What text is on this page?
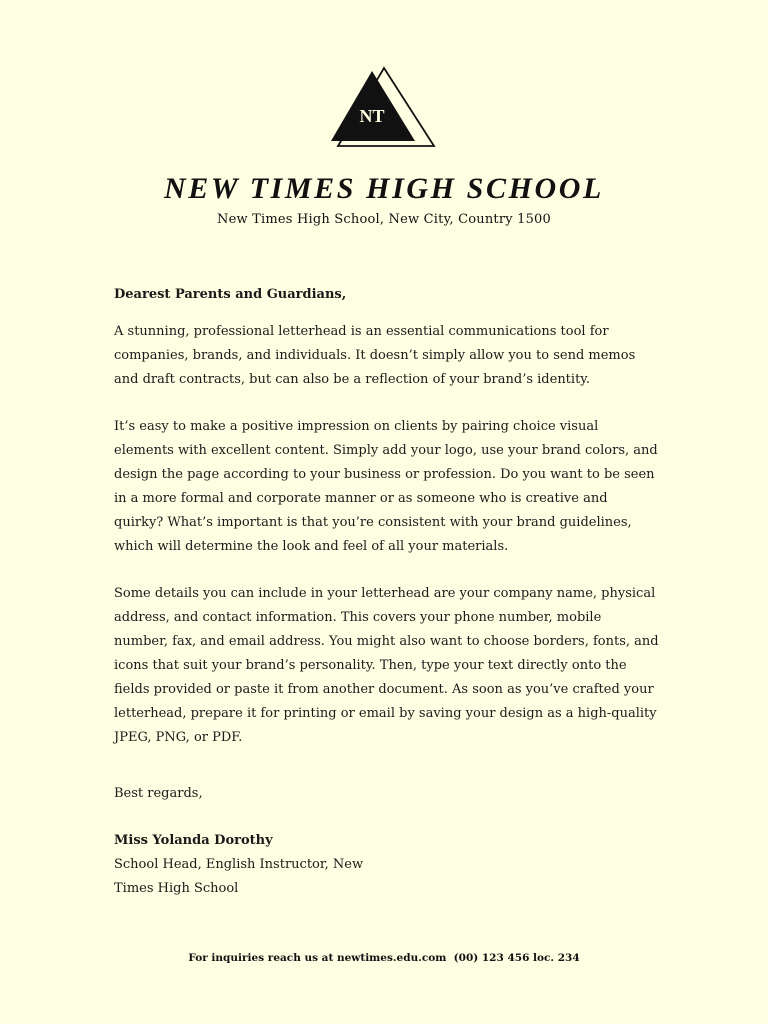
NT
NEW TIMES HIGH SCHOOL
New Times High School, New City, Country 1500

Dearest Parents and Guardians,

A stunning, professional letterhead is an essential communications tool for companies, brands, and individuals. It doesn’t simply allow you to send memos and draft contracts, but can also be a reflection of your brand’s identity.

It’s easy to make a positive impression on clients by pairing choice visual elements with excellent content. Simply add your logo, use your brand colors, and design the page according to your business or profession. Do you want to be seen in a more formal and corporate manner or as someone who is creative and quirky? What’s important is that you’re consistent with your brand guidelines, which will determine the look and feel of all your materials.

Some details you can include in your letterhead are your company name, physical address, and contact information. This covers your phone number, mobile number, fax, and email address. You might also want to choose borders, fonts, and icons that suit your brand’s personality. Then, type your text directly onto the fields provided or paste it from another document. As soon as you’ve crafted your letterhead, prepare it for printing or email by saving your design as a high-quality JPEG, PNG, or PDF.

Best regards,

Miss Yolanda Dorothy

School Head, English Instructor, New Times High School

For inquiries reach us at newtimes.edu.com  (00) 123 456 loc. 234
